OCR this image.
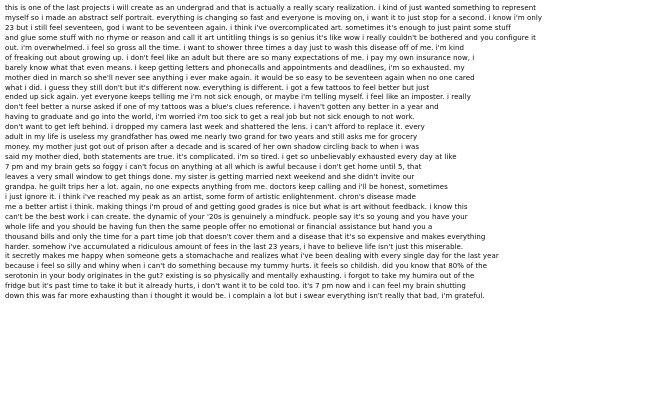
this is one of the last projects i will create as an undergrad and that is actually a really scary realization. i kind of just wanted something to represent
myself so i made an abstract self portrait. everything is changing so fast and everyone is moving on, i want it to just stop for a second. i know i'm only
23 but i still feel seventeen, god i want to be seventeen again. i think i've overcomplicated art. sometimes it's enough to just paint some stuff
and glue some stuff with no rhyme or reason and call it art untitling things is so genius it's like wow i really couldn't be bothered and you configure it
out. i'm overwhelmed. i feel so gross all the time. i want to shower three times a day just to wash this disease off of me. i'm kind
of freaking out about growing up. i don't feel like an adult but there are so many expectations of me. i pay my own insurance now, i
barely know what that even means. i keep getting letters and phonecalls and appointments and deadlines, i'm so exhausted. my
mother died in march so she'll never see anything i ever make again. it would be so easy to be seventeen again when no one cared
what i did. i guess they still don't but it's different now. everything is different. i got a few tattoos to feel better but just
ended up sick again. yet everyone keeps telling me i'm not sick enough, or maybe i'm telling myself. i feel like an imposter. i really
don't feel better a nurse asked if one of my tattoos was a blue's clues reference. i haven't gotten any better in a year and
having to graduate and go into the world, i'm worried i'm too sick to get a real job but not sick enough to not work.
don't want to get left behind. i dropped my camera last week and shattered the lens. i can't afford to replace it. every
adult in my life is useless my grandfather has owed me nearly two grand for two years and still asks me for grocery
money. my mother just got out of prison after a decade and is scared of her own shadow circling back to when i was
said my mother died, both statements are true. it's complicated. i'm so tired. i get so unbelievably exhausted every day at like
7 pm and my brain gets so foggy i can't focus on anything at all which is awful because i don't get home until 5, that
leaves a very small window to get things done. my sister is getting married next weekend and she didn't invite our
grandpa. he guilt trips her a lot. again, no one expects anything from me. doctors keep calling and i'll be honest, sometimes
i just ignore it. i think i've reached my peak as an artist, some form of artistic enlightenment. chron's disease made
me a better artist i think. making things i'm proud of and getting good grades is nice but what is art without feedback. i know this
can't be the best work i can create. the dynamic of your '20s is genuinely a mindfuck. people say it's so young and you have your
whole life and you should be having fun then the same people offer no emotional or financial assistance but hand you a
thousand bills and only the time for a part time job that doesn't cover them and a disease that it's so expensive and makes everything
harder. somehow i've accumulated a ridiculous amount of fees in the last 23 years, i have to believe life isn't just this miserable.
it secretly makes me happy when someone gets a stomachache and realizes what i've been dealing with every single day for the last year
because i feel so silly and whiny when i can't do something because my tummy hurts. it feels so childish. did you know that 80% of the
serotonin in your body originates in the gut? existing is so physically and mentally exhausting. i forgot to take my humira out of the
fridge but it's past time to take it but it already hurts, i don't want it to be cold too. it's 7 pm now and i can feel my brain shutting
down this was far more exhausting than i thought it would be. i complain a lot but i swear everything isn't really that bad, i'm grateful.
